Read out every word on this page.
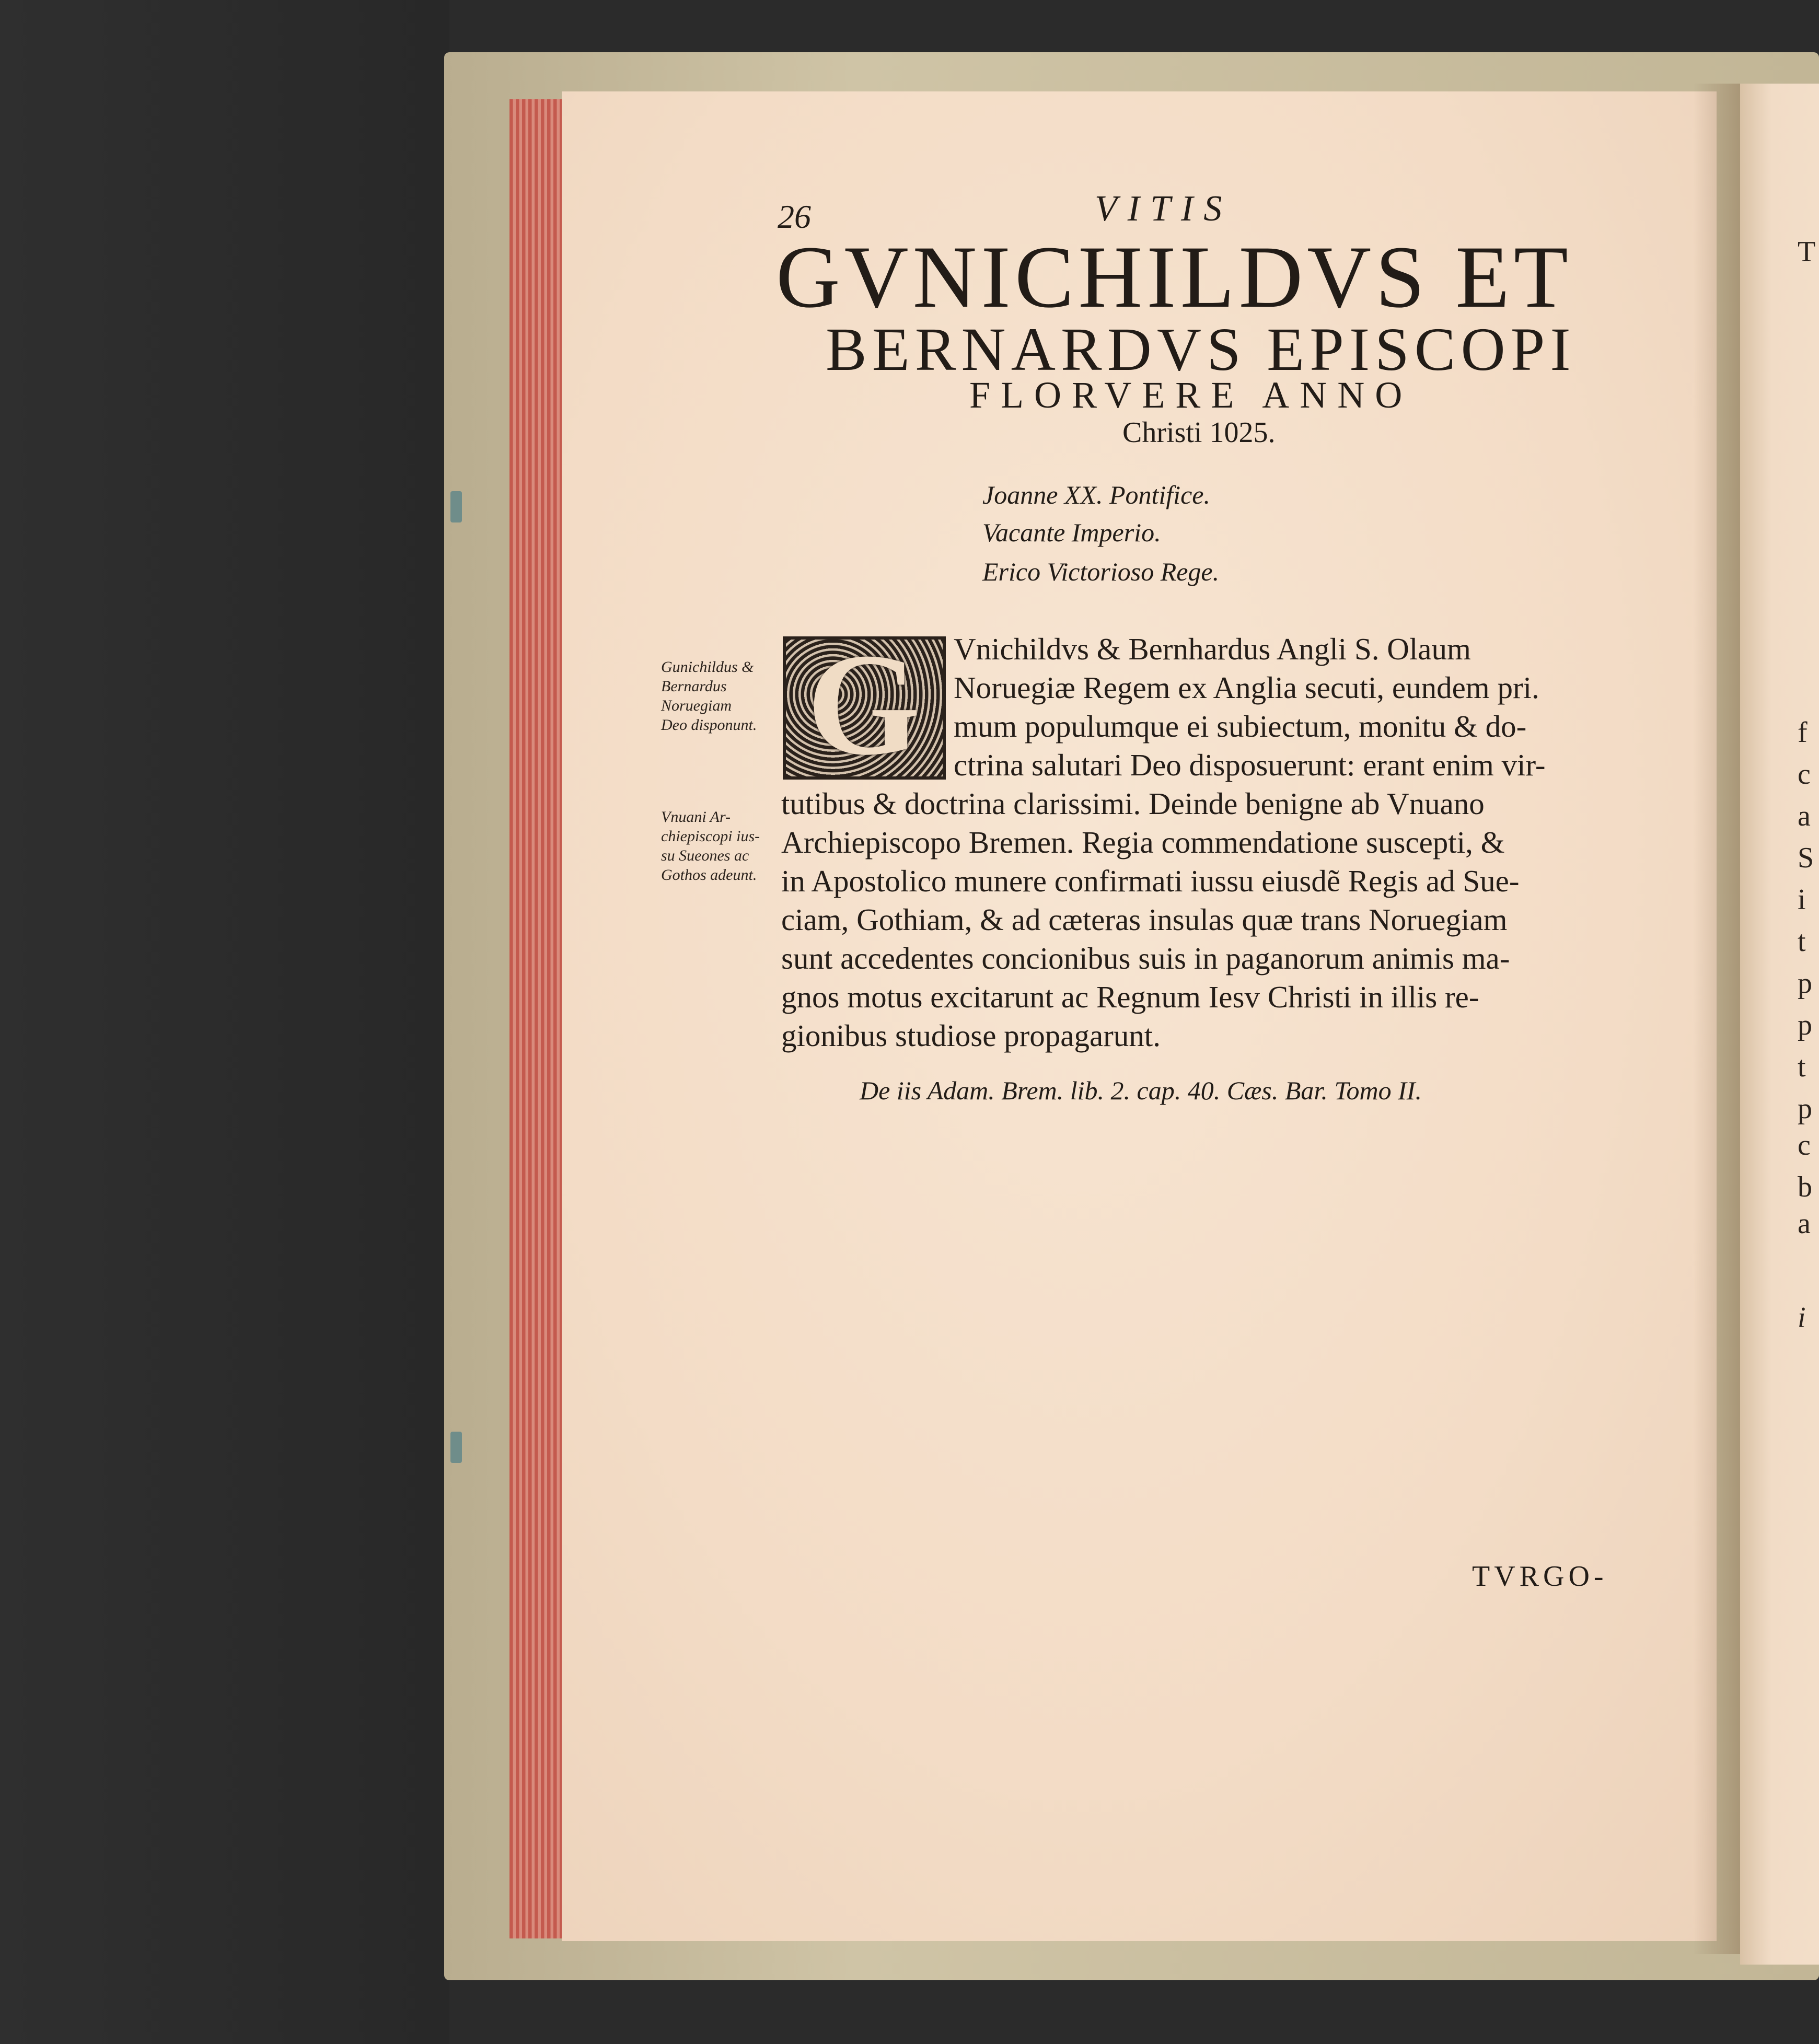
26	VITIS
GVNICHILDVS ET
BERNARDVS EPISCOPI
FLORVERE ANNO
Christi 1025.
Joanne XX. Pontifice.
Vacante Imperio.
Erico Victorioso Rege.
G
Gunichildus &
Bernardus
Noruegiam
Deo disponunt.
Vnuani Ar-
chiepiscopi ius-
su Sueones ac
Gothos adeunt.
Vnichildvs & Bernhardus Angli S. Olaum
Noruegiæ Regem ex Anglia secuti, eundem pri.
mum populumque ei subiectum, monitu & do-
ctrina salutari Deo disposuerunt: erant enim vir-
tutibus & doctrina clarissimi. Deinde benigne ab Vnuano
Archiepiscopo Bremen. Regia commendatione suscepti, &
in Apostolico munere confirmati iussu eiusdẽ Regis ad Sue-
ciam, Gothiam, & ad cæteras insulas quæ trans Noruegiam
sunt accedentes concionibus suis in paganorum animis ma-
gnos motus excitarunt ac Regnum Iesv Christi in illis re-
gionibus studiose propagarunt.
De iis Adam. Brem. lib. 2. cap. 40. Cæs. Bar. Tomo II.
TVRGO-
T
f
c
a
S
i
t
p
p
t
p
c
b
a
i
